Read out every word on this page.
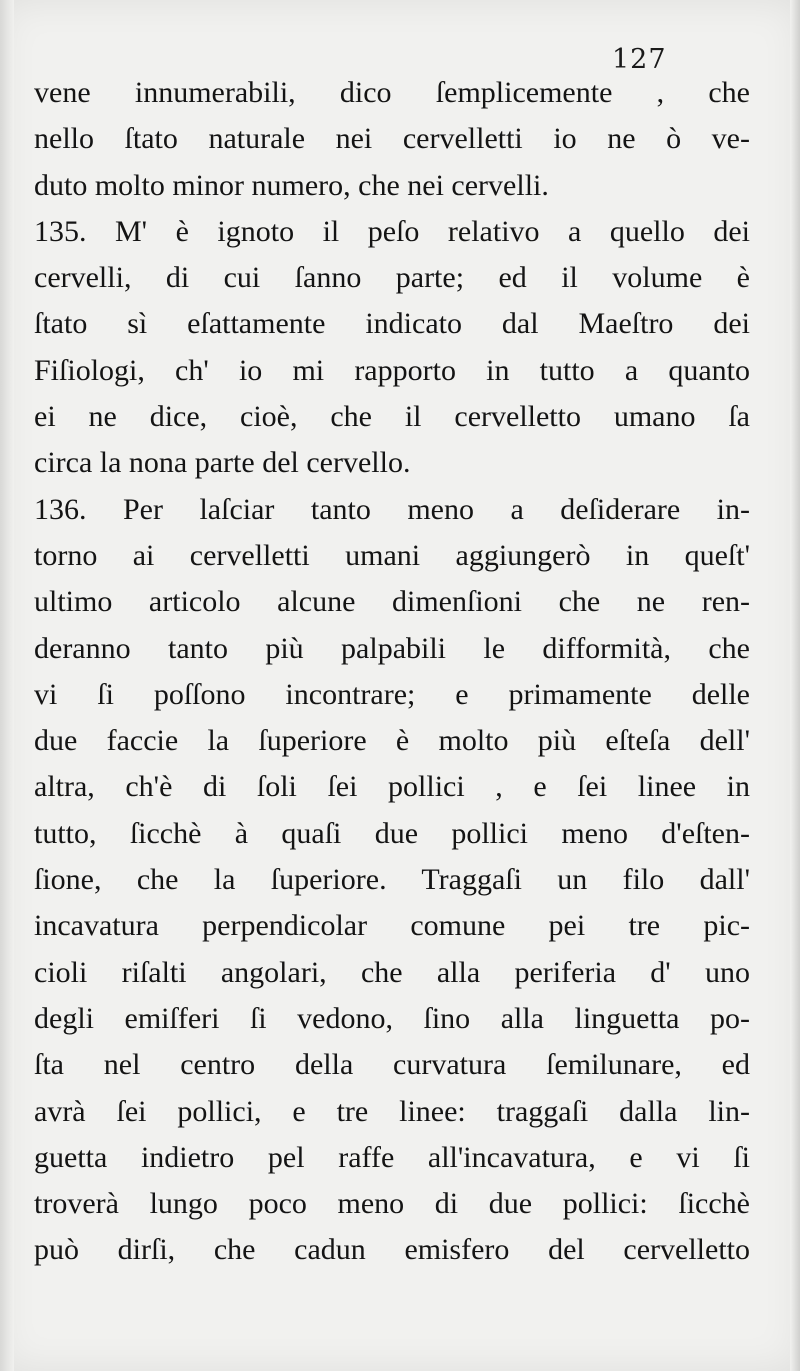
127
vene innumerabili, dico ſemplicemente , che
nello ſtato naturale nei cervelletti io ne ò ve-
duto molto minor numero, che nei cervelli.
135. M' è ignoto il peſo relativo a quello dei
cervelli, di cui ſanno parte; ed il volume è
ſtato sì eſattamente indicato dal Maeſtro dei
Fiſiologi, ch' io mi rapporto in tutto a quanto
ei ne dice, cioè, che il cervelletto umano ſa
circa la nona parte del cervello.
136. Per laſciar tanto meno a deſiderare in-
torno ai cervelletti umani aggiungerò in queſt'
ultimo articolo alcune dimenſioni che ne ren-
deranno tanto più palpabili le difformità, che
vi ſi poſſono incontrare; e primamente delle
due faccie la ſuperiore è molto più eſteſa dell'
altra, ch'è di ſoli ſei pollici , e ſei linee in
tutto, ſicchè à quaſi due pollici meno d'eſten-
ſione, che la ſuperiore. Traggaſi un filo dall'
incavatura perpendicolar comune pei tre pic-
cioli riſalti angolari, che alla periferia d' uno
degli emiſferi ſi vedono, ſino alla linguetta po-
ſta nel centro della curvatura ſemilunare, ed
avrà ſei pollici, e tre linee: traggaſi dalla lin-
guetta indietro pel raffe all'incavatura, e vi ſi
troverà lungo poco meno di due pollici: ſicchè
può dirſi, che cadun emisfero del cervelletto
